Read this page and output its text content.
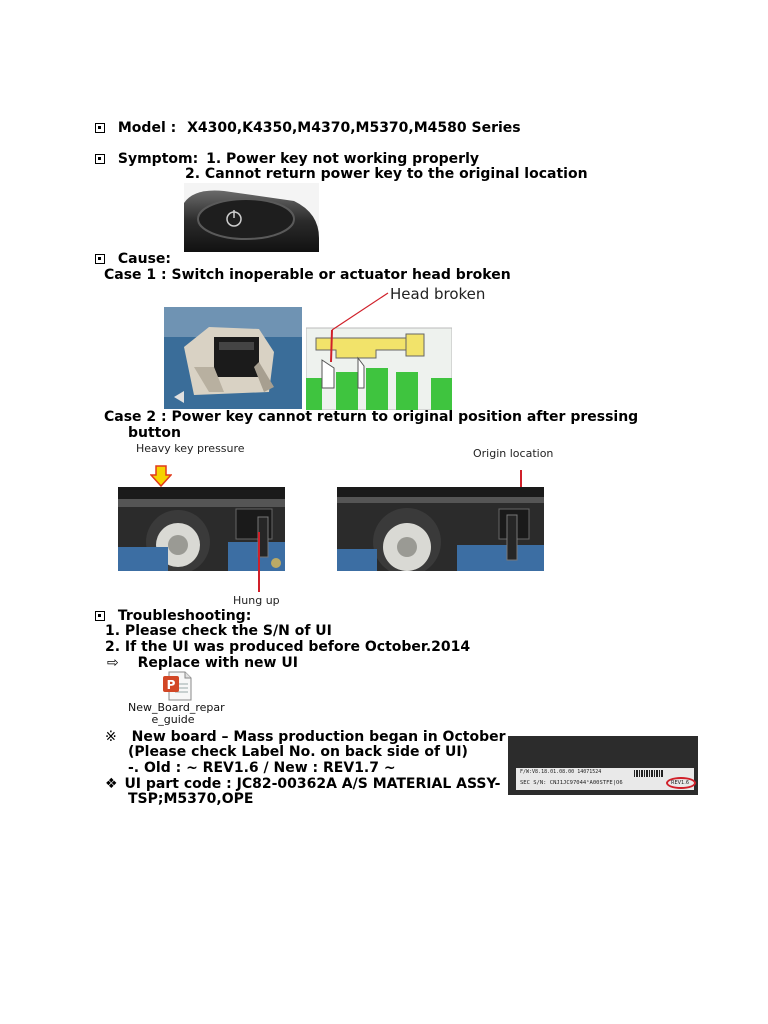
Model : X4300,K4350,M4370,M5370,M4580 Series
Symptom: 1. Power key not working properly
2. Cannot return power key to the original location
Cause:
Case 1 : Switch inoperable or actuator head broken
Head broken
Case 2 : Power key cannot return to original position after pressing
button
Heavy key pressure
Hung up
Origin location
Troubleshooting:
1. Please check the S/N of UI
2. If the UI was produced before October.2014
⇨ Replace with new UI
P
New_Board_repar
e_guide
※ New board – Mass production began in October
(Please check Label No. on back side of UI)
-. Old : ~ REV1.6 / New : REV1.7 ~
❖ UI part code : JC82-00362A A/S MATERIAL ASSY-
TSP;M5370,OPE
F/W:V8.18.01.08.00 14071524
SEC S/N: CNJ1JC97044¹A00STFE|O6	REV1.6
